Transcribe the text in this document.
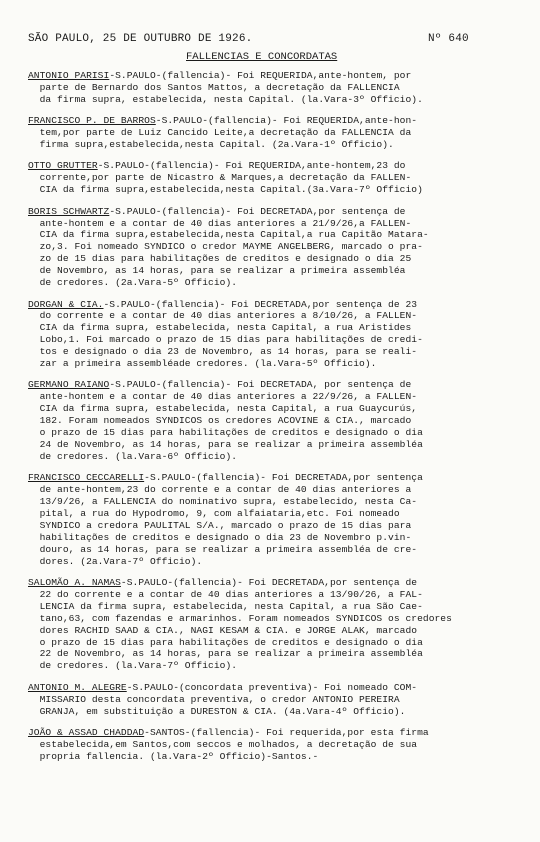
SÃO PAULO, 25 DE OUTUBRO DE 1926.	Nº 640
FALLENCIAS E CONCORDATAS
ANTONIO PARISI-S.PAULO-(fallencia)- Foi REQUERIDA,ante-hontem, por
parte de Bernardo dos Santos Mattos, a decretação da FALLENCIA
da firma supra, estabelecida, nesta Capital. (la.Vara-3º Officio).
FRANCISCO P. DE BARROS-S.PAULO-(fallencia)- Foi REQUERIDA,ante-hon-
tem,por parte de Luiz Cancido Leite,a decretação da FALLENCIA da
firma supra,estabelecida,nesta Capital. (2a.Vara-1º Officio).
OTTO GRUTTER-S.PAULO-(fallencia)- Foi REQUERIDA,ante-hontem,23 do
corrente,por parte de Nicastro & Marques,a decretação da FALLEN-
CIA da firma supra,estabelecida,nesta Capital.(3a.Vara-7º Officio)
BORIS SCHWARTZ-S.PAULO-(fallencia)- Foi DECRETADA,por sentença de
ante-hontem e a contar de 40 dias anteriores a 21/9/26,a FALLEN-
CIA da firma supra,estabelecida,nesta Capital,a rua Capitão Matara-
zo,3. Foi nomeado SYNDICO o credor MAYME ANGELBERG, marcado o pra-
zo de 15 dias para habilitações de creditos e designado o dia 25
de Novembro, as 14 horas, para se realizar a primeira assembléa
de credores. (2a.Vara-5º Officio).
DORGAN & CIA.-S.PAULO-(fallencia)- Foi DECRETADA,por sentença de 23
do corrente e a contar de 40 dias anteriores a 8/10/26, a FALLEN-
CIA da firma supra, estabelecida, nesta Capital, a rua Aristides
Lobo,1. Foi marcado o prazo de 15 dias para habilitações de credi-
tos e designado o dia 23 de Novembro, as 14 horas, para se reali-
zar a primeira assembléade credores. (la.Vara-5º Officio).
GERMANO RAIANO-S.PAULO-(fallencia)- Foi DECRETADA, por sentença de
ante-hontem e a contar de 40 dias anteriores a 22/9/26, a FALLEN-
CIA da firma supra, estabelecida, nesta Capital, a rua Guaycurús,
182. Foram nomeados SYNDICOS os credores ACOVINE & CIA., marcado
o prazo de 15 dias para habilitações de creditos e designado o dia
24 de Novembro, as 14 horas, para se realizar a primeira assembléa
de credores. (la.Vara-6º Officio).
FRANCISCO CECCARELLI-S.PAULO-(fallencia)- Foi DECRETADA,por sentença
de ante-hontem,23 do corrente e a contar de 40 dias anteriores a
13/9/26, a FALLENCIA do nominativo supra, estabelecido, nesta Ca-
pital, a rua do Hypodromo, 9, com alfaiataria,etc. Foi nomeado
SYNDICO a credora PAULITAL S/A., marcado o prazo de 15 dias para
habilitações de creditos e designado o dia 23 de Novembro p.vin-
douro, as 14 horas, para se realizar a primeira assembléa de cre-
dores. (2a.Vara-7º Officio).
SALOMÃO A. NAMAS-S.PAULO-(fallencia)- Foi DECRETADA,por sentença de
22 do corrente e a contar de 40 dias anteriores a 13/90/26, a FAL-
LENCIA da firma supra, estabelecida, nesta Capital, a rua São Cae-
tano,63, com fazendas e armarinhos. Foram nomeados SYNDICOS os credores
dores RACHID SAAD & CIA., NAGI KESAM & CIA. e JORGE ALAK, marcado
o prazo de 15 dias para habilitações de creditos e designado o dia
22 de Novembro, as 14 horas, para se realizar a primeira assembléa
de credores. (la.Vara-7º Officio).
ANTONIO M. ALEGRE-S.PAULO-(concordata preventiva)- Foi nomeado COM-
MISSARIO desta concordata preventiva, o credor ANTONIO PEREIRA
GRANJA, em substituição a DURESTON & CIA. (4a.Vara-4º Officio).
JOÃO & ASSAD CHADDAD-SANTOS-(fallencia)- Foi requerida,por esta firma
estabelecida,em Santos,com seccos e molhados, a decretação de sua
propria fallencia. (la.Vara-2º Officio)-Santos.-
